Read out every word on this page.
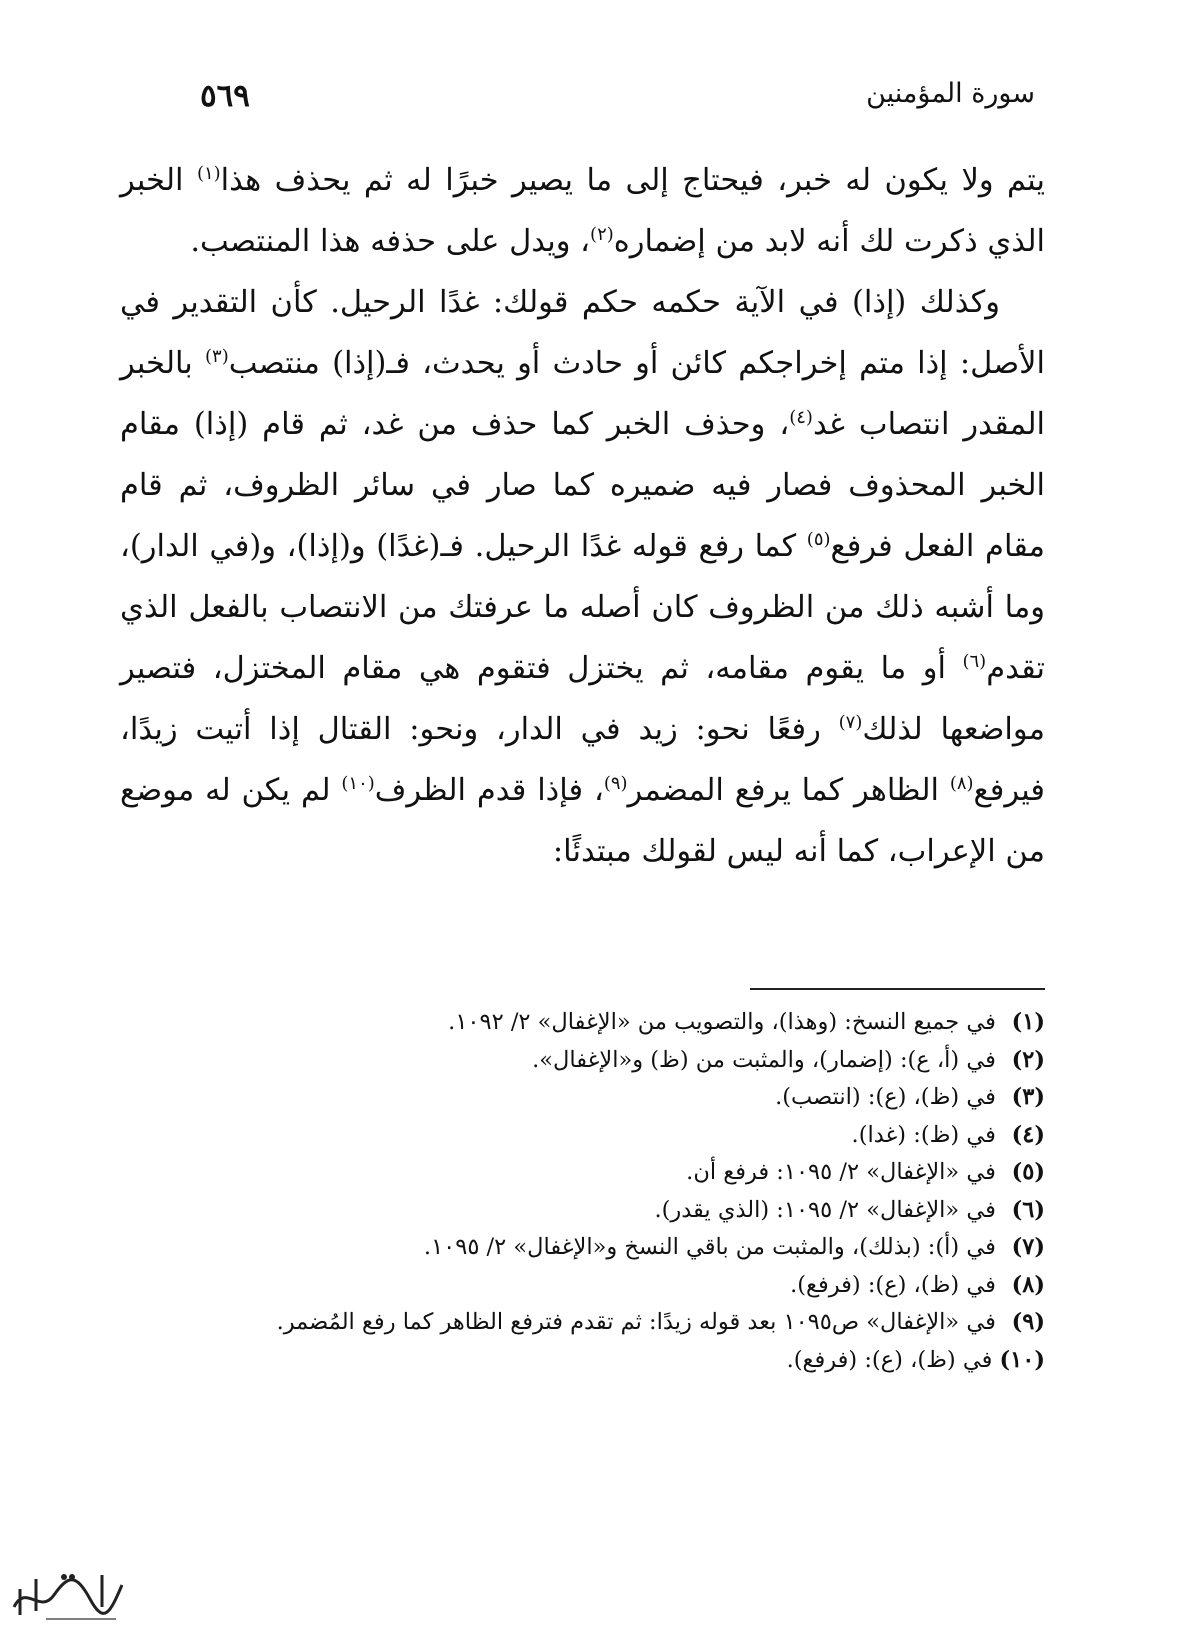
سورة المؤمنين
٥٦٩

يتم ولا يكون له خبر، فيحتاج إلى ما يصير خبرًا له ثم يحذف هذا$^{(١)}$ الخبر الذي ذكرت لك أنه لابد من إضماره$^{(٢)}$، ويدل على حذفه هذا المنتصب.

وكذلك (إذا) في الآية حكمه حكم قولك: غدًا الرحيل. كأن التقدير في الأصل: إذا متم إخراجكم كائن أو حادث أو يحدث، فـ(إذا) منتصب$^{(٣)}$ بالخبر المقدر انتصاب غد$^{(٤)}$، وحذف الخبر كما حذف من غد، ثم قام (إذا) مقام الخبر المحذوف فصار فيه ضميره كما صار في سائر الظروف، ثم قام مقام الفعل فرفع$^{(٥)}$ كما رفع قوله غدًا الرحيل. فـ(غدًا) و(إذا)، و(في الدار)، وما أشبه ذلك من الظروف كان أصله ما عرفتك من الانتصاب بالفعل الذي تقدم$^{(٦)}$ أو ما يقوم مقامه، ثم يختزل فتقوم هي مقام المختزل، فتصير مواضعها لذلك$^{(٧)}$ رفعًا نحو: زيد في الدار، ونحو: القتال إذا أتيت زيدًا، فيرفع$^{(٨)}$ الظاهر كما يرفع المضمر$^{(٩)}$، فإذا قدم الظرف$^{(١٠)}$ لم يكن له موضع من الإعراب، كما أنه ليس لقولك مبتدئًا:

(١) في جميع النسخ: (وهذا)، والتصويب من «الإغفال» ٢/ ١٠٩٢.
(٢) في (أ، ع): (إضمار)، والمثبت من (ظ) و«الإغفال».
(٣) في (ظ)، (ع): (انتصب).
(٤) في (ظ): (غدا).
(٥) في «الإغفال» ٢/ ١٠٩٥: فرفع أن.
(٦) في «الإغفال» ٢/ ١٠٩٥: (الذي يقدر).
(٧) في (أ): (بذلك)، والمثبت من باقي النسخ و«الإغفال» ٢/ ١٠٩٥.
(٨) في (ظ)، (ع): (فرفع).
(٩) في «الإغفال» ص١٠٩٥ بعد قوله زيدًا: ثم تقدم فترفع الظاهر كما رفع المُضمر.
(١٠) في (ظ)، (ع): (فرفع).
